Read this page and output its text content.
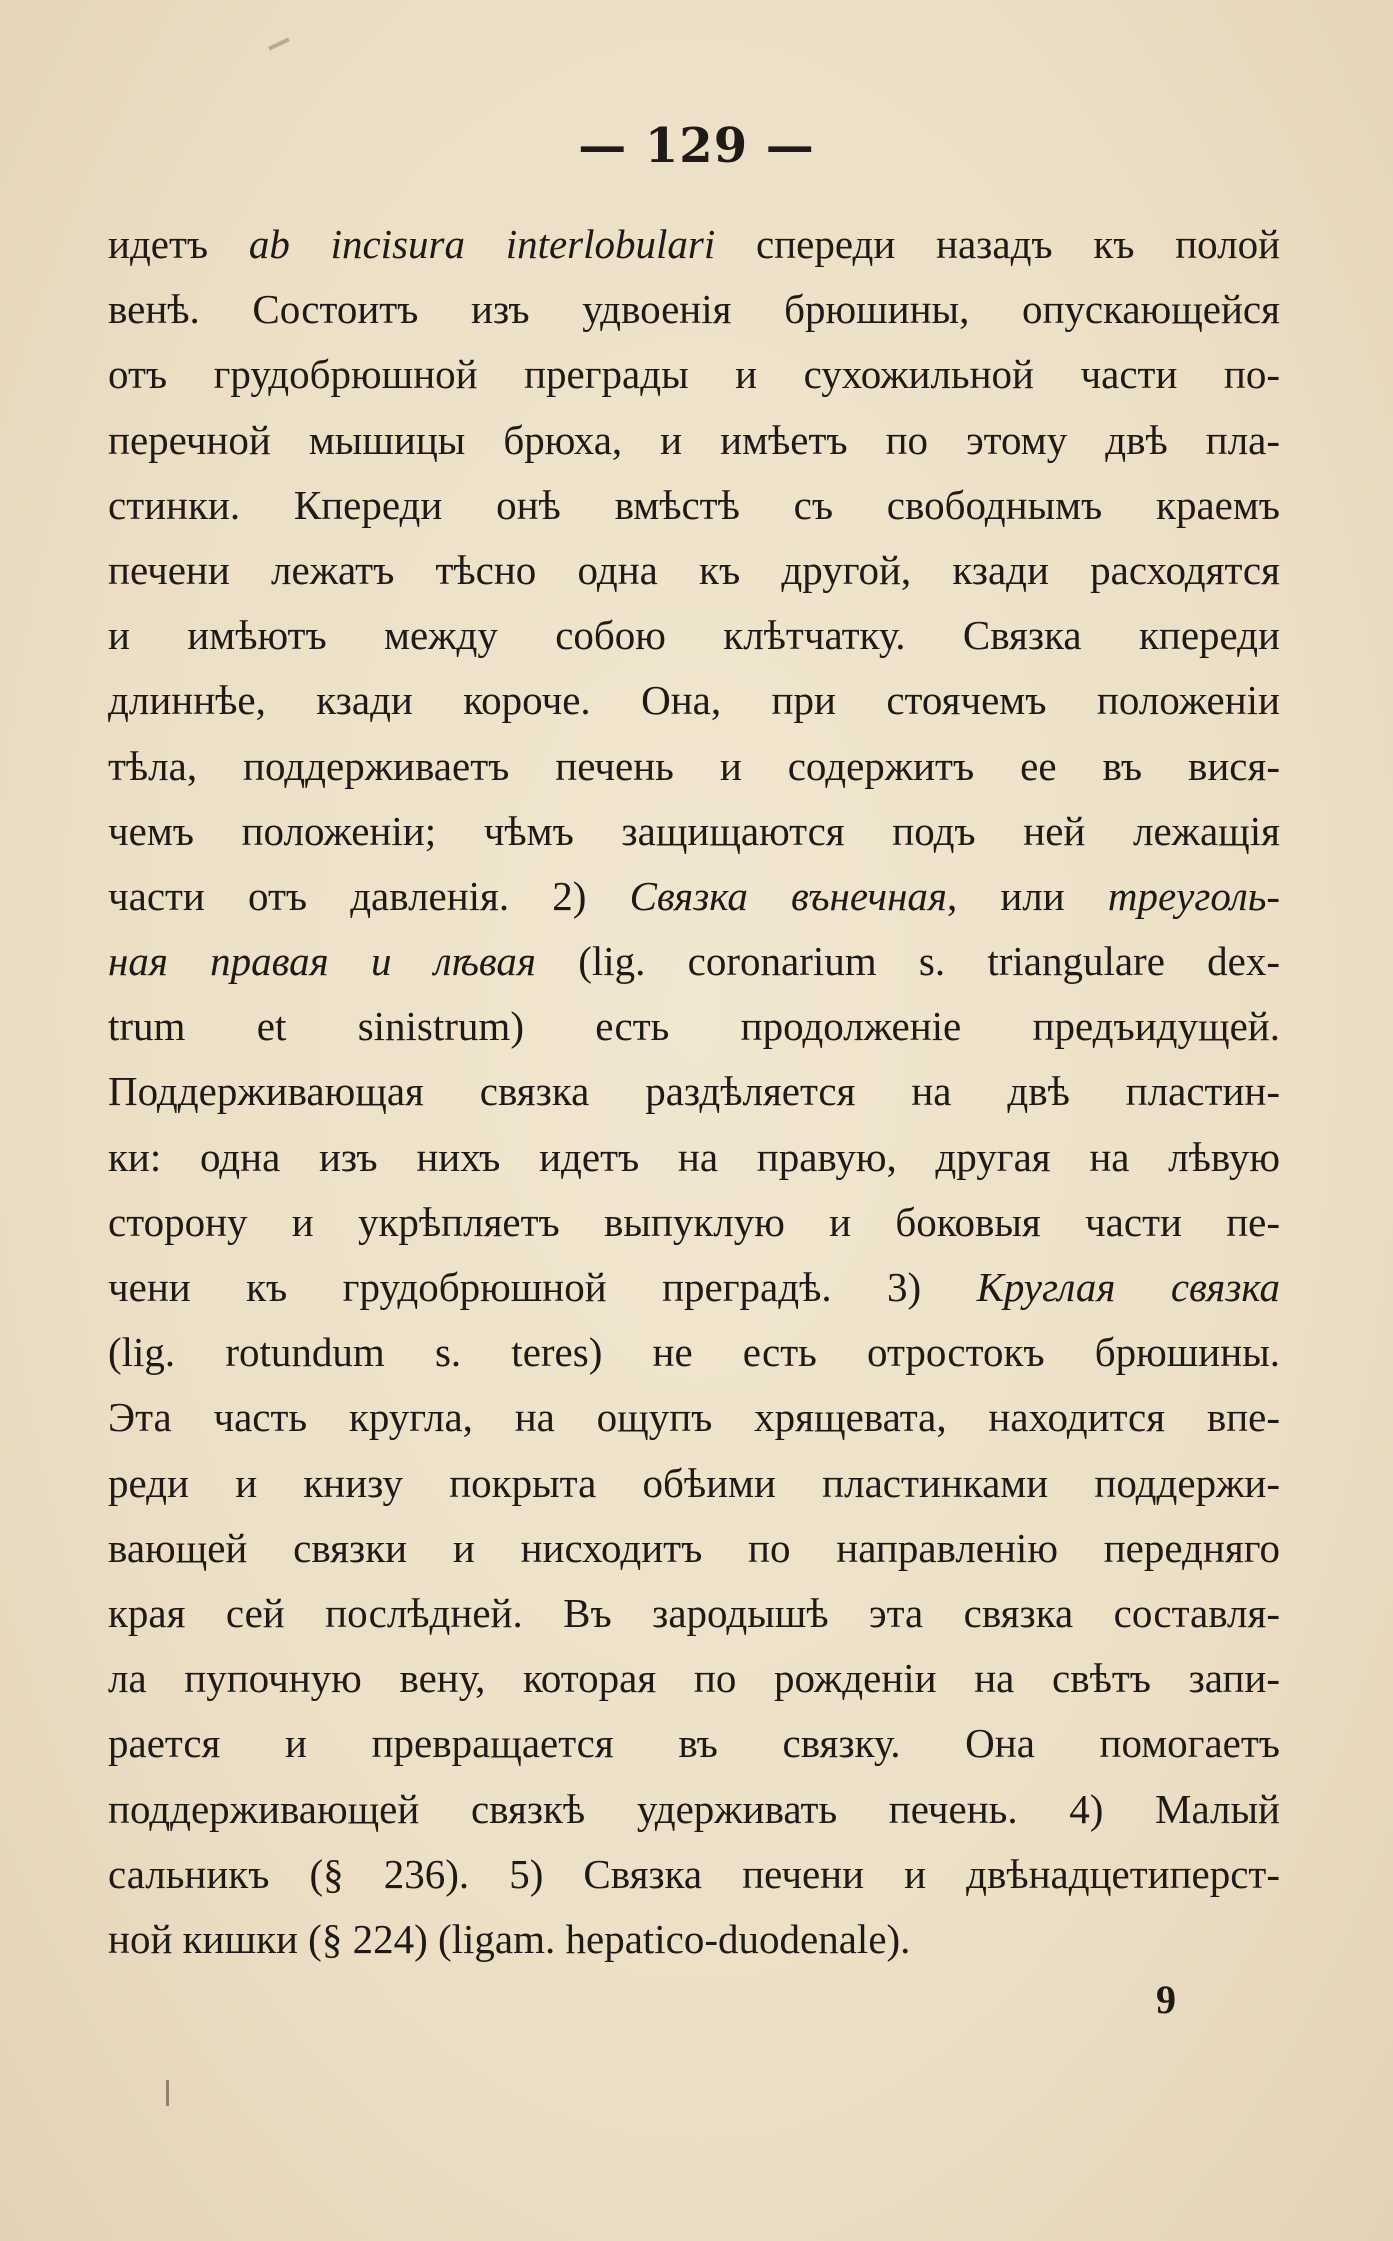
— 129 —
идетъ ab incisura interlobulari спереди назадъ къ полой
венѣ. Состоитъ изъ удвоенія брюшины, опускающейся
отъ грудобрюшной преграды и сухожильной части по-
перечной мышицы брюха, и имѣетъ по этому двѣ пла-
стинки. Кпереди онѣ вмѣстѣ съ свободнымъ краемъ
печени лежатъ тѣсно одна къ другой, кзади расходятся
и имѣютъ между собою клѣтчатку. Связка кпереди
длиннѣе, кзади короче. Она, при стоячемъ положеніи
тѣла, поддерживаетъ печень и содержитъ ее въ вися-
чемъ положеніи; чѣмъ защищаются подъ ней лежащія
части отъ давленія. 2) Связка вънечная, или треуголь-
ная правая и лѣвая (lig. coronarium s. triangulare dex-
trum et sinistrum) есть продолженіе предъидущей.
Поддерживающая связка раздѣляется на двѣ пластин-
ки: одна изъ нихъ идетъ на правую, другая на лѣвую
сторону и укрѣпляетъ выпуклую и боковыя части пе-
чени къ грудобрюшной преградѣ. 3) Круглая связка
(lig. rotundum s. teres) не есть отростокъ брюшины.
Эта часть кругла, на ощупъ хрящевата, находится впе-
реди и книзу покрыта обѣими пластинками поддержи-
вающей связки и нисходитъ по направленію передняго
края сей послѣдней. Въ зародышѣ эта связка составля-
ла пупочную вену, которая по рожденіи на свѣтъ запи-
рается и превращается въ связку. Она помогаетъ
поддерживающей связкѣ удерживать печень. 4) Малый
сальникъ (§ 236). 5) Связка печени и двѣнадцетиперст-
ной кишки (§ 224) (ligam. hepatico-duodenale).
9
